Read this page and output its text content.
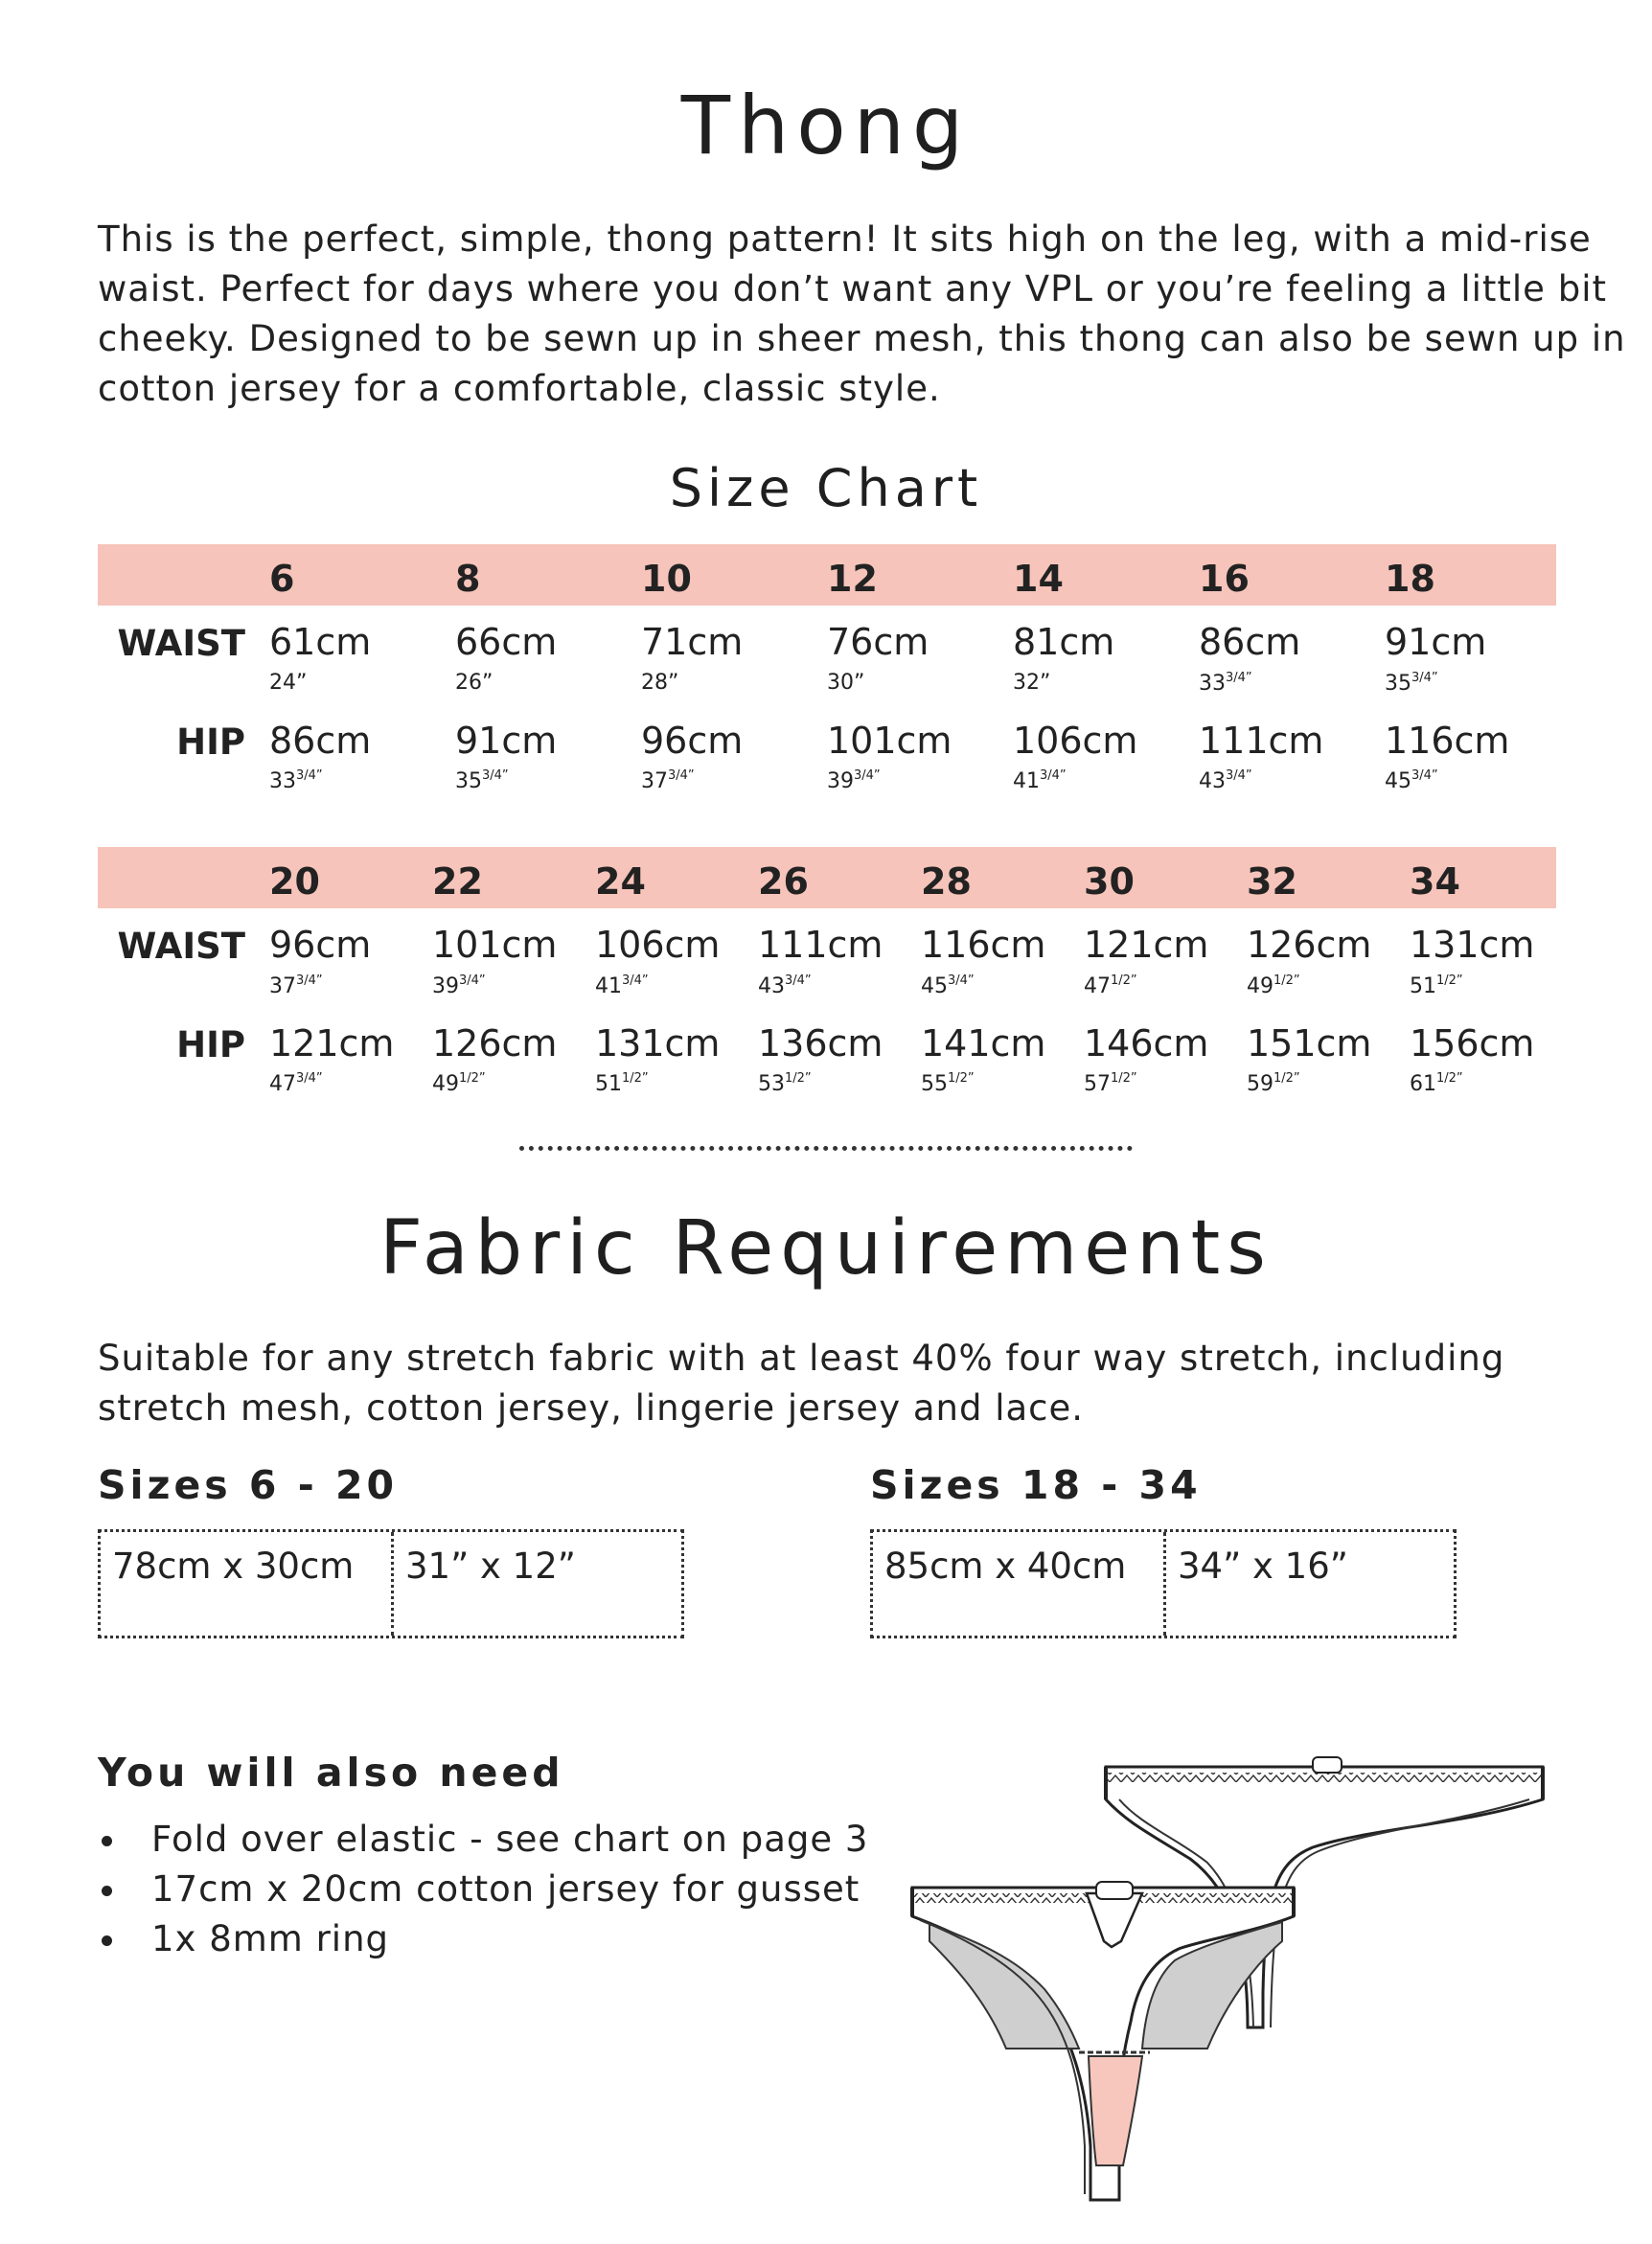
Thong
This is the perfect, simple, thong pattern! It sits high on the leg, with a mid-rise
waist. Perfect for days where you don’t want any VPL or you’re feeling a little bit
cheeky. Designed to be sewn up in sheer mesh, this thong can also be sewn up in
cotton jersey for a comfortable, classic style.
Size Chart
WAIST
HIP
6
61cm
24”
86cm
$33^{3/4”}$
8
66cm
26”
91cm
$35^{3/4”}$
10
71cm
28”
96cm
$37^{3/4”}$
12
76cm
30”
101cm
$39^{3/4”}$
14
81cm
32”
106cm
$41^{3/4”}$
16
86cm
$33^{3/4”}$
111cm
$43^{3/4”}$
18
91cm
$35^{3/4”}$
116cm
$45^{3/4”}$
WAIST
HIP
20
96cm
$37^{3/4”}$
121cm
$47^{3/4”}$
22
101cm
$39^{3/4”}$
126cm
$49^{1/2”}$
24
106cm
$41^{3/4”}$
131cm
$51^{1/2”}$
26
111cm
$43^{3/4”}$
136cm
$53^{1/2”}$
28
116cm
$45^{3/4”}$
141cm
$55^{1/2”}$
30
121cm
$47^{1/2”}$
146cm
$57^{1/2”}$
32
126cm
$49^{1/2”}$
151cm
$59^{1/2”}$
34
131cm
$51^{1/2”}$
156cm
$61^{1/2”}$
Fabric Requirements
Suitable for any stretch fabric with at least 40% four way stretch, including
stretch mesh, cotton jersey, lingerie jersey and lace.
Sizes 6 - 20
78cm x 30cm	31” x 12”
Sizes 18 - 34
85cm x 40cm	34” x 16”
You will also need
Fold over elastic - see chart on page 3
17cm x 20cm cotton jersey for gusset
1x 8mm ring
